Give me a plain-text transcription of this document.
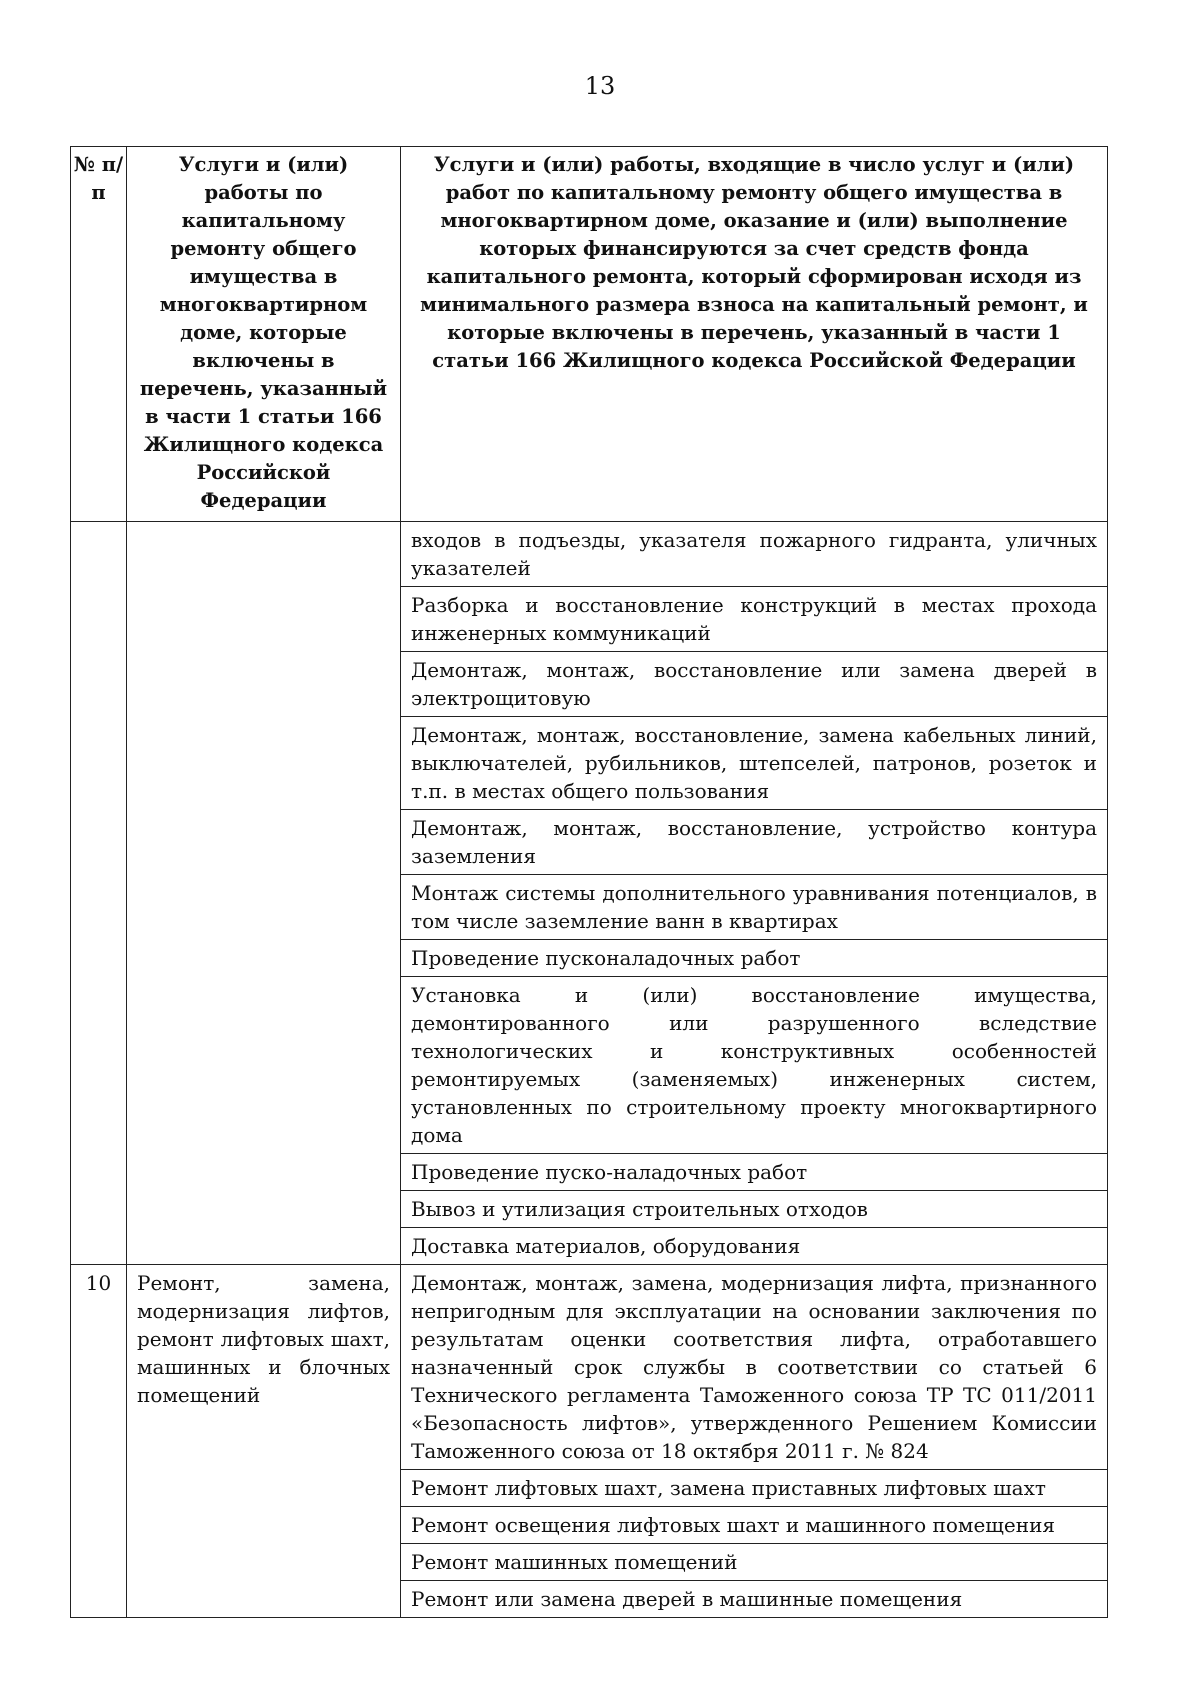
13
№ п/п	Услуги и (или) работы по капитальному ремонту общего имущества в многоквартирном доме, которые включены в перечень, указанный в части 1 статьи 166 Жилищного кодекса Российской Федерации	Услуги и (или) работы, входящие в число услуг и (или) работ по капитальному ремонту общего имущества в многоквартирном доме, оказание и (или) выполнение которых финансируются за счет средств фонда капитального ремонта, который сформирован исходя из минимального размера взноса на капитальный ремонт, и которые включены в перечень, указанный в части 1 статьи 166 Жилищного кодекса Российской Федерации
		входов в подъезды, указателя пожарного гидранта, уличных указателей
		Разборка и восстановление конструкций в местах прохода инженерных коммуникаций
		Демонтаж, монтаж, восстановление или замена дверей в электрощитовую
		Демонтаж, монтаж, восстановление, замена кабельных линий, выключателей, рубильников, штепселей, патронов, розеток и т.п. в местах общего пользования
		Демонтаж, монтаж, восстановление, устройство контура заземления
		Монтаж системы дополнительного уравнивания потенциалов, в том числе заземление ванн в квартирах
		Проведение пусконаладочных работ
		Установка и (или) восстановление имущества, демонтированного или разрушенного вследствие технологических и конструктивных особенностей ремонтируемых (заменяемых) инженерных систем, установленных по строительному проекту многоквартирного дома
		Проведение пуско-наладочных работ
		Вывоз и утилизация строительных отходов
		Доставка материалов, оборудования
10	Ремонт, замена, модернизация лифтов, ремонт лифтовых шахт, машинных и блочных помещений	Демонтаж, монтаж, замена, модернизация лифта, признанного непригодным для эксплуатации на основании заключения по результатам оценки соответствия лифта, отработавшего назначенный срок службы в соответствии со статьей 6 Технического регламента Таможенного союза ТР ТС 011/2011 «Безопасность лифтов», утвержденного Решением Комиссии Таможенного союза от 18 октября 2011 г. № 824
		Ремонт лифтовых шахт, замена приставных лифтовых шахт
		Ремонт освещения лифтовых шахт и машинного помещения
		Ремонт машинных помещений
		Ремонт или замена дверей в машинные помещения
